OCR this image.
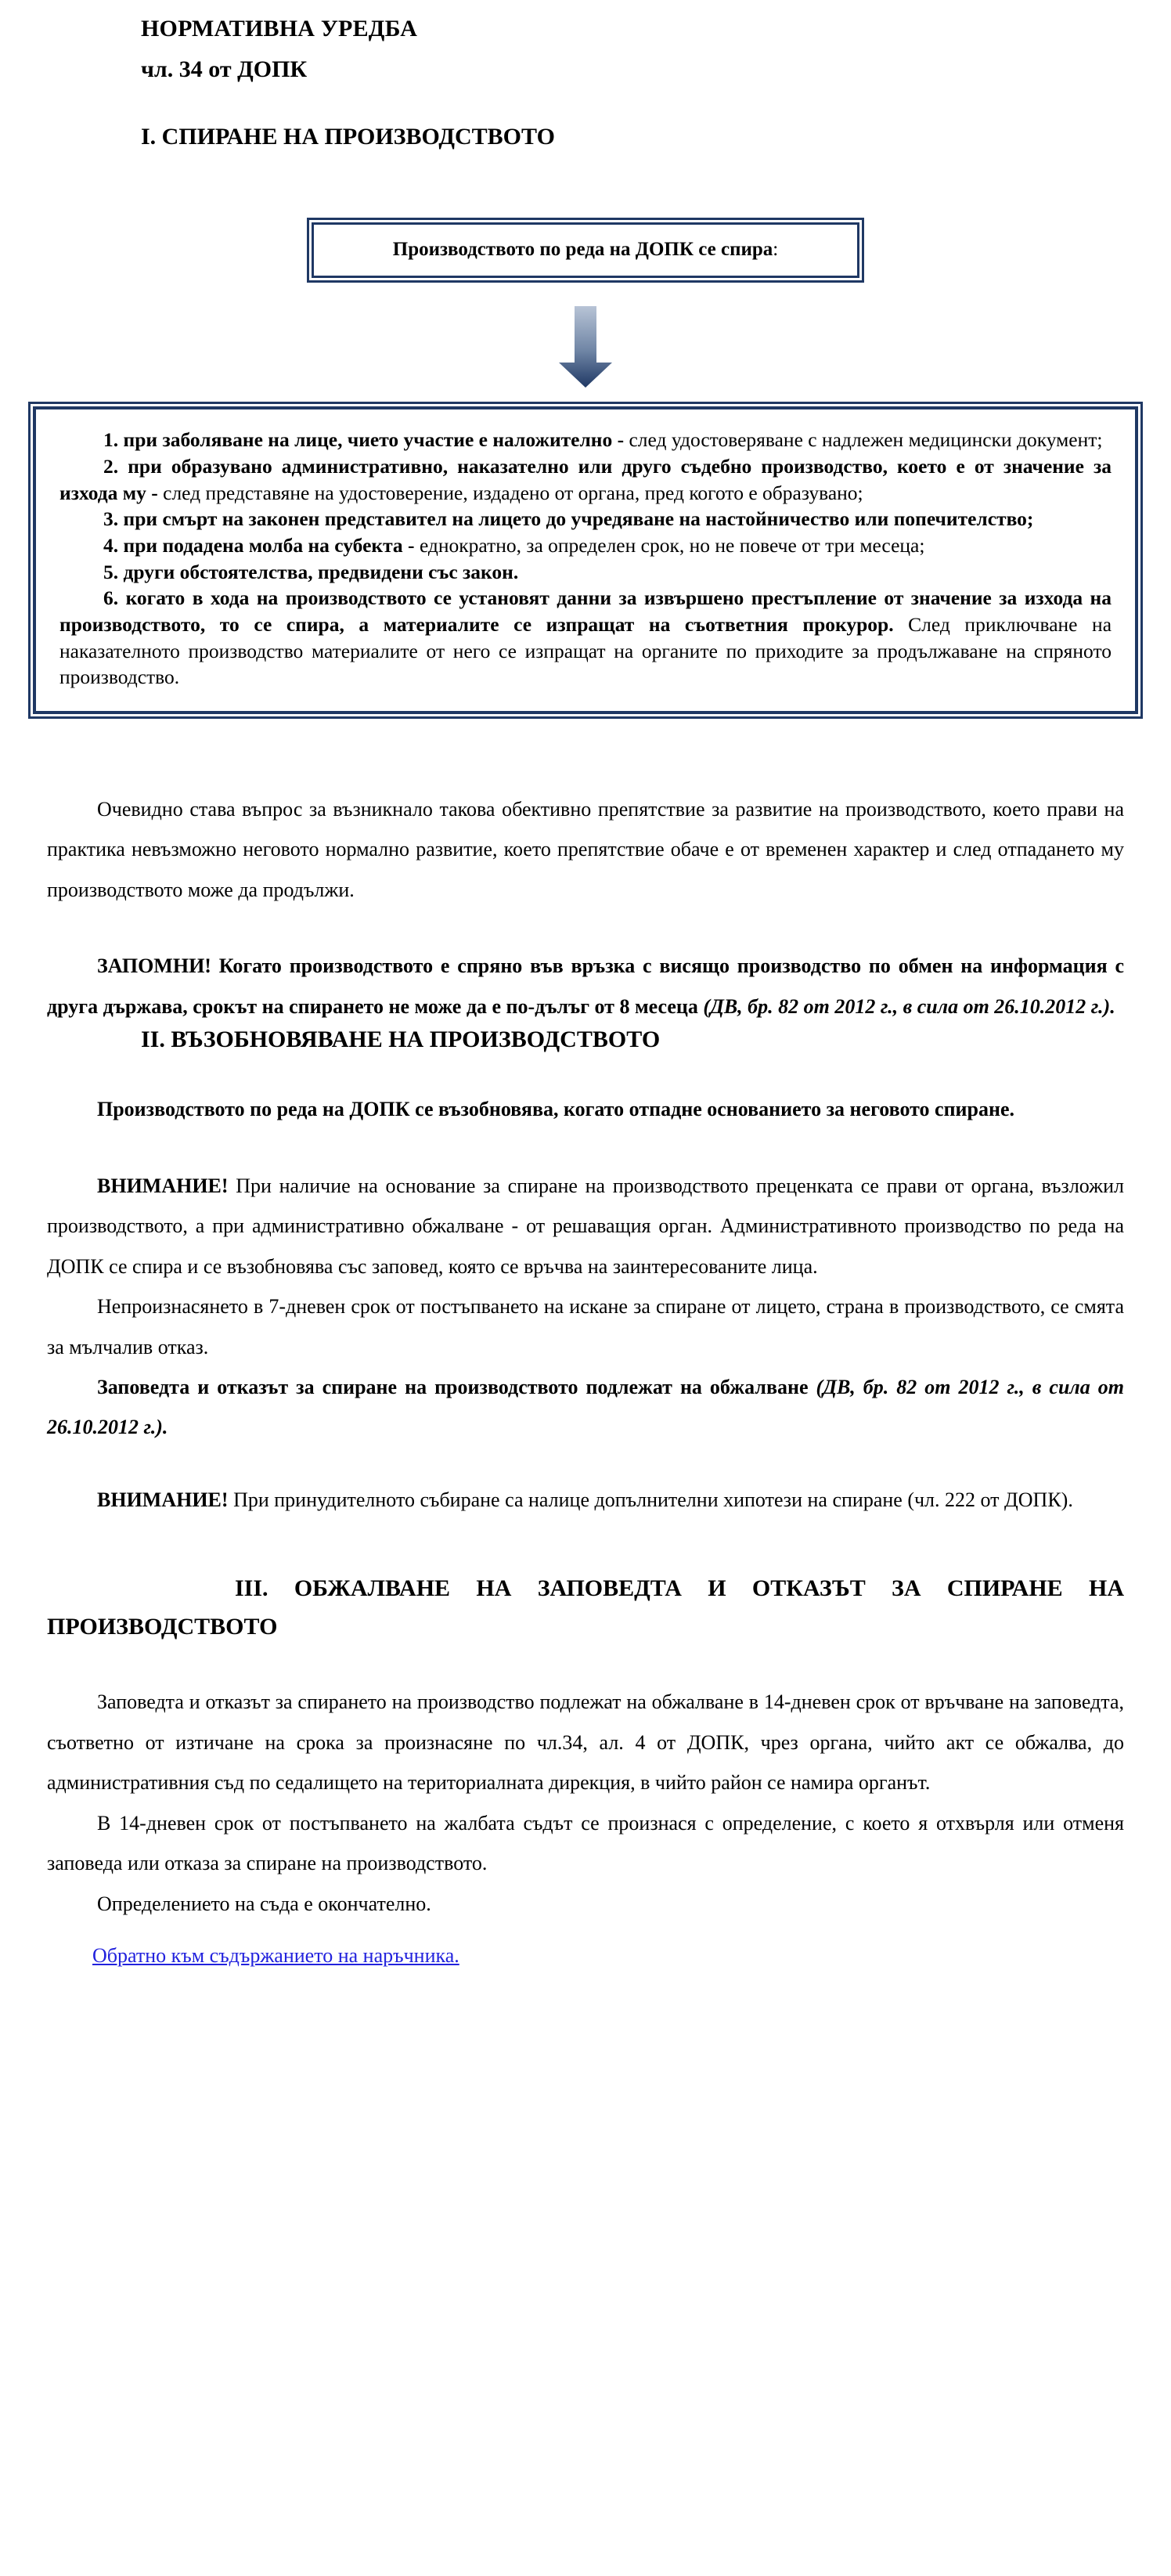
НОРМАТИВНА УРЕДБА
чл. 34 от ДОПК
I. СПИРАНЕ НА ПРОИЗВОДСТВОТО
Производството по реда на ДОПК се спира:

1. при заболяване на лице, чието участие е наложително - след удостоверяване с надлежен медицински документ;

2. при образувано административно, наказателно или друго съдебно производство, което е от значение за изхода му - след представяне на удостоверение, издадено от органа, пред когото е образувано;

3. при смърт на законен представител на лицето до учредяване на настойничество или попечителство;

4. при подадена молба на субекта - еднократно, за определен срок, но не повече от три месеца;

5. други обстоятелства, предвидени със закон.

6. когато в хода на производството се установят данни за извършено престъпление от значение за изхода на производството, то се спира, а материалите се изпращат на съответния прокурор. След приключване на наказателното производство материалите от него се изпращат на органите по приходите за продължаване на спряното производство.

Очевидно става въпрос за възникнало такова обективно препятствие за развитие на производството, което прави на практика невъзможно неговото нормално развитие, което препятствие обаче е от временен характер и след отпадането му производството може да продължи.

ЗАПОМНИ! Когато производството е спряно във връзка с висящо производство по обмен на информация с друга държава, срокът на спирането не може да е по-дълъг от 8 месеца (ДВ, бр. 82 от 2012 г., в сила от 26.10.2012 г.).

II. ВЪЗОБНОВЯВАНЕ НА ПРОИЗВОДСТВОТО

Производството по реда на ДОПК се възобновява, когато отпадне основанието за неговото спиране.

ВНИМАНИЕ! При наличие на основание за спиране на производството преценката се прави от органа, възложил производството, а при административно обжалване - от решаващия орган. Административното производство по реда на ДОПК се спира и се възобновява със заповед, която се връчва на заинтересованите лица.

Непроизнасянето в 7-дневен срок от постъпването на искане за спиране от лицето, страна в производството, се смята за мълчалив отказ.

Заповедта и отказът за спиране на производството подлежат на обжалване (ДВ, бр. 82 от 2012 г., в сила от 26.10.2012 г.).

ВНИМАНИЕ! При принудителното събиране са налице допълнителни хипотези на спиране (чл. 222 от ДОПК).

III. ОБЖАЛВАНЕ НА ЗАПОВЕДТА И ОТКАЗЪТ ЗА СПИРАНЕ НА ПРОИЗВОДСТВОТО

Заповедта и отказът за спирането на производство подлежат на обжалване в 14-дневен срок от връчване на заповедта, съответно от изтичане на срока за произнасяне по чл.34, ал. 4 от ДОПК, чрез органа, чийто акт се обжалва, до административния съд по седалището на териториалната дирекция, в чийто район се намира органът.

В 14-дневен срок от постъпването на жалбата съдът се произнася с определение, с което я отхвърля или отменя заповеда или отказа за спиране на производството.

Определението на съда е окончателно.

Обратно към съдържанието на наръчника.
